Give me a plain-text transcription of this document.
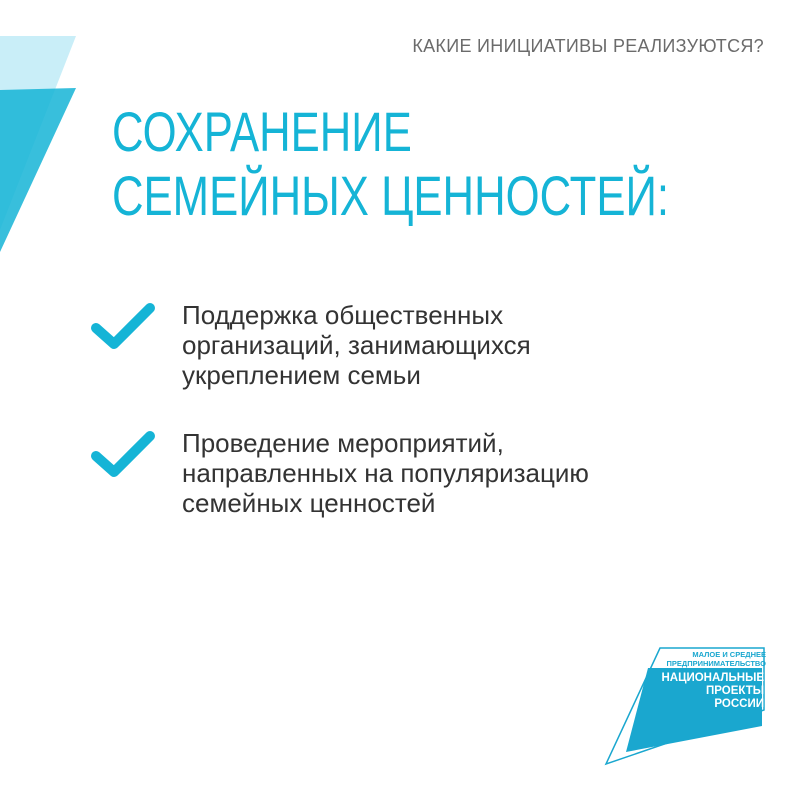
КАКИЕ ИНИЦИАТИВЫ РЕАЛИЗУЮТСЯ?
СОХРАНЕНИЕ
СЕМЕЙНЫХ ЦЕННОСТЕЙ:
Поддержка общественных
организаций, занимающихся
укреплением семьи
Проведение мероприятий,
направленных на популяризацию
семейных ценностей
МАЛОЕ И СРЕДНЕЕ
ПРЕДПРИНИМАТЕЛЬСТВО
НАЦИОНАЛЬНЫЕ
ПРОЕКТЫ
РОССИИ
